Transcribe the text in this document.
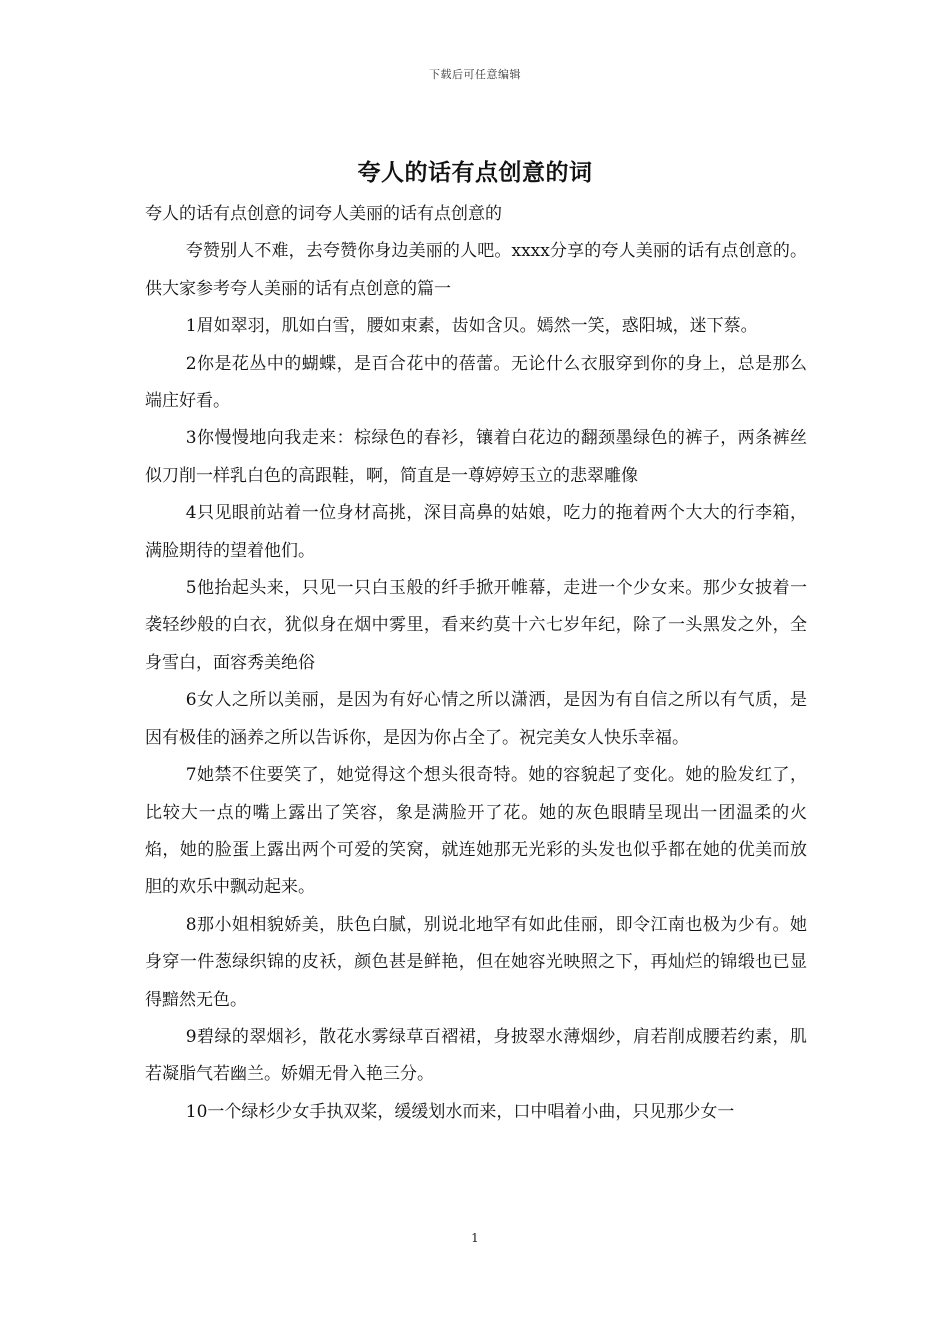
下载后可任意编辑
夸人的话有点创意的词

夸人的话有点创意的词夸人美丽的话有点创意的

夸赞别人不难，去夸赞你身边美丽的人吧。xxxx分享的夸人美丽的话有点创意的。供大家参考夸人美丽的话有点创意的篇一

1眉如翠羽，肌如白雪，腰如束素，齿如含贝。嫣然一笑，惑阳城，迷下蔡。

2你是花丛中的蝴蝶，是百合花中的蓓蕾。无论什么衣服穿到你的身上，总是那么端庄好看。

3你慢慢地向我走来：棕绿色的春衫，镶着白花边的翻颈墨绿色的裤子，两条裤丝似刀削一样乳白色的高跟鞋，啊，简直是一尊婷婷玉立的悲翠雕像

4只见眼前站着一位身材高挑，深目高鼻的姑娘，吃力的拖着两个大大的行李箱，满脸期待的望着他们。

5他抬起头来，只见一只白玉般的纤手掀开帷幕，走进一个少女来。那少女披着一袭轻纱般的白衣，犹似身在烟中雾里，看来约莫十六七岁年纪，除了一头黑发之外，全身雪白，面容秀美绝俗

6女人之所以美丽，是因为有好心情之所以潇洒，是因为有自信之所以有气质，是因有极佳的涵养之所以告诉你，是因为你占全了。祝完美女人快乐幸福。

7她禁不住要笑了，她觉得这个想头很奇特。她的容貌起了变化。她的脸发红了，比较大一点的嘴上露出了笑容，象是满脸开了花。她的灰色眼睛呈现出一团温柔的火焰，她的脸蛋上露出两个可爱的笑窝，就连她那无光彩的头发也似乎都在她的优美而放胆的欢乐中飘动起来。

8那小姐相貌娇美，肤色白腻，别说北地罕有如此佳丽，即令江南也极为少有。她身穿一件葱绿织锦的皮袄，颜色甚是鲜艳，但在她容光映照之下，再灿烂的锦缎也已显得黯然无色。

9碧绿的翠烟衫，散花水雾绿草百褶裙，身披翠水薄烟纱，肩若削成腰若约素，肌若凝脂气若幽兰。娇媚无骨入艳三分。

10一个绿杉少女手执双桨，缓缓划水而来，口中唱着小曲，只见那少女一

1
